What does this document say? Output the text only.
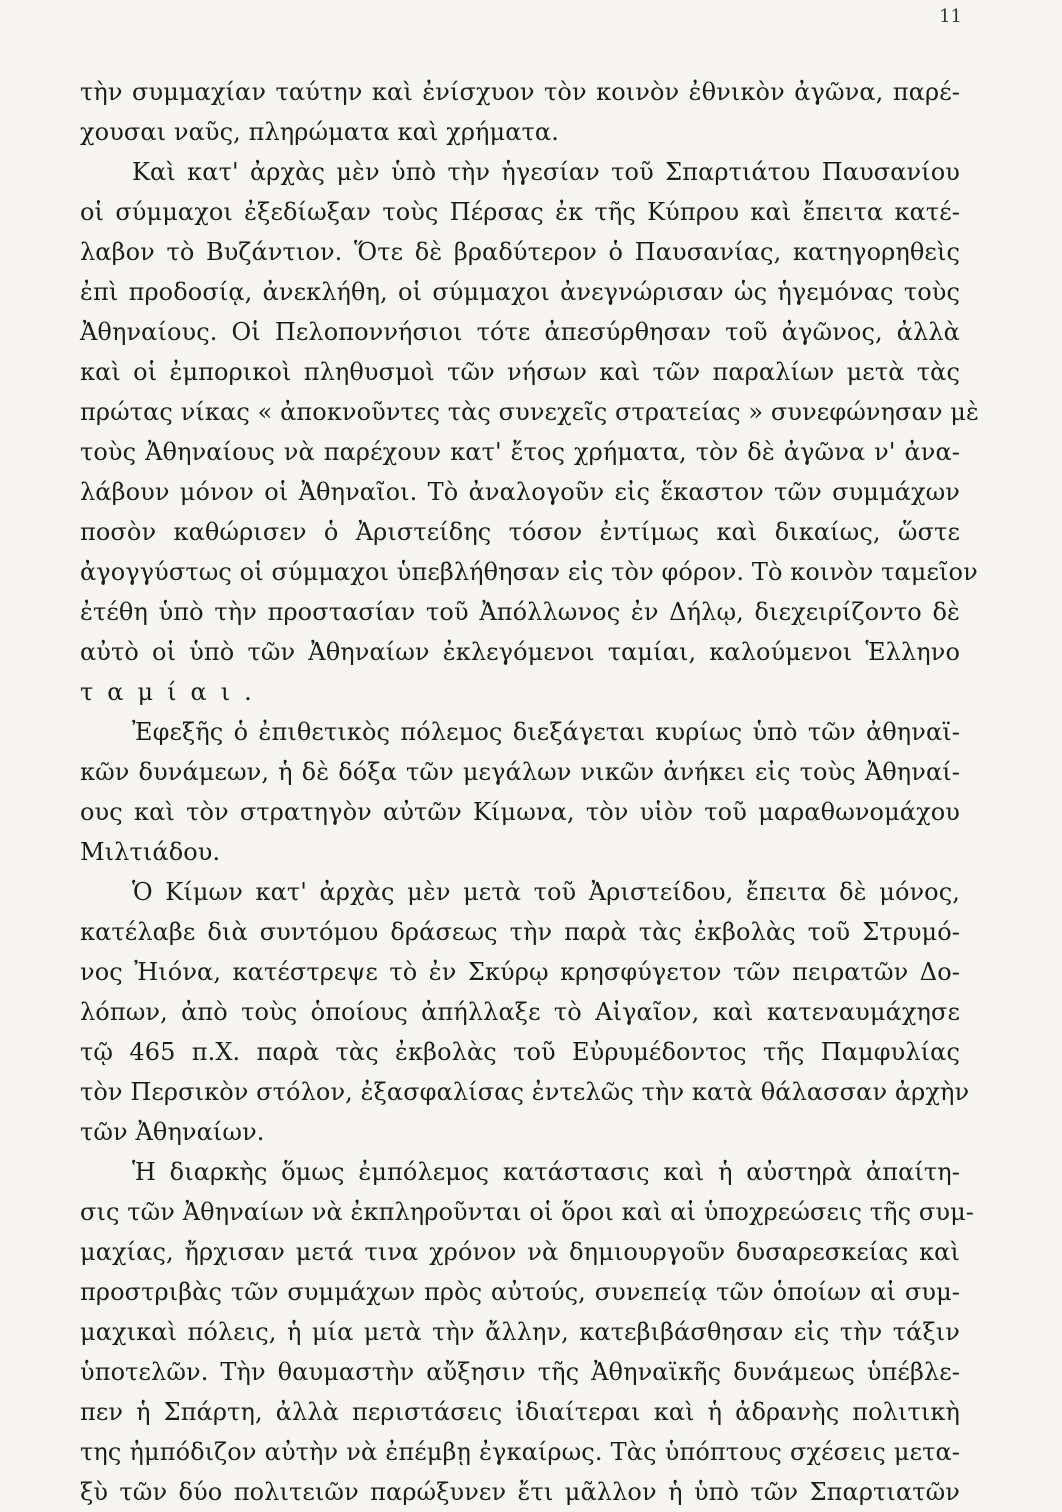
11
τὴν συμμαχίαν ταύτην καὶ ἐνίσχυον τὸν κοινὸν ἐθνικὸν ἀγῶνα, παρέ-
χουσαι ναῦς, πληρώματα καὶ χρήματα.
Καὶ κατ' ἀρχὰς μὲν ὑπὸ τὴν ἡγεσίαν τοῦ Σπαρτιάτου Παυσανίου
οἱ σύμμαχοι ἐξεδίωξαν τοὺς Πέρσας ἐκ τῆς Κύπρου καὶ ἔπειτα κατέ-
λαβον τὸ Βυζάντιον. Ὅτε δὲ βραδύτερον ὁ Παυσανίας, κατηγορηθεὶς
ἐπὶ προδοσίᾳ, ἀνεκλήθη, οἱ σύμμαχοι ἀνεγνώρισαν ὡς ἡγεμόνας τοὺς
Ἀθηναίους. Οἱ Πελοποννήσιοι τότε ἀπεσύρθησαν τοῦ ἀγῶνος, ἀλλὰ
καὶ οἱ ἐμπορικοὶ πληθυσμοὶ τῶν νήσων καὶ τῶν παραλίων μετὰ τὰς
πρώτας νίκας « ἀποκνοῦντες τὰς συνεχεῖς στρατείας » συνεφώνησαν μὲ
τοὺς Ἀθηναίους νὰ παρέχουν κατ' ἔτος χρήματα, τὸν δὲ ἀγῶνα ν' ἀνα-
λάβουν μόνον οἱ Ἀθηναῖοι. Τὸ ἀναλογοῦν εἰς ἕκαστον τῶν συμμάχων
ποσὸν καθώρισεν ὁ Ἀριστείδης τόσον ἐντίμως καὶ δικαίως, ὥστε
ἀγογγύστως οἱ σύμμαχοι ὑπεβλήθησαν εἰς τὸν φόρον. Τὸ κοινὸν ταμεῖον
ἐτέθη ὑπὸ τὴν προστασίαν τοῦ Ἀπόλλωνος ἐν Δήλῳ, διεχειρίζοντο δὲ
αὐτὸ οἱ ὑπὸ τῶν Ἀθηναίων ἐκλεγόμενοι ταμίαι, καλούμενοι Ἑλληνο
ταμίαι.
Ἐφεξῆς ὁ ἐπιθετικὸς πόλεμος διεξάγεται κυρίως ὑπὸ τῶν ἀθηναϊ-
κῶν δυνάμεων, ἡ δὲ δόξα τῶν μεγάλων νικῶν ἀνήκει εἰς τοὺς Ἀθηναί-
ους καὶ τὸν στρατηγὸν αὐτῶν Κίμωνα, τὸν υἱὸν τοῦ μαραθωνομάχου
Μιλτιάδου.
Ὁ Κίμων κατ' ἀρχὰς μὲν μετὰ τοῦ Ἀριστείδου, ἔπειτα δὲ μόνος,
κατέλαβε διὰ συντόμου δράσεως τὴν παρὰ τὰς ἐκβολὰς τοῦ Στρυμό-
νος Ἠιόνα, κατέστρεψε τὸ ἐν Σκύρῳ κρησφύγετον τῶν πειρατῶν Δο-
λόπων, ἀπὸ τοὺς ὁποίους ἀπήλλαξε τὸ Αἰγαῖον, καὶ κατεναυμάχησε
τῷ 465 π.Χ. παρὰ τὰς ἐκβολὰς τοῦ Εὐρυμέδοντος τῆς Παμφυλίας
τὸν Περσικὸν στόλον, ἐξασφαλίσας ἐντελῶς τὴν κατὰ θάλασσαν ἀρχὴν
τῶν Ἀθηναίων.
Ἡ διαρκὴς ὅμως ἐμπόλεμος κατάστασις καὶ ἡ αὐστηρὰ ἀπαίτη-
σις τῶν Ἀθηναίων νὰ ἐκπληροῦνται οἱ ὅροι καὶ αἱ ὑποχρεώσεις τῆς συμ-
μαχίας, ἤρχισαν μετά τινα χρόνον νὰ δημιουργοῦν δυσαρεσκείας καὶ
προστριβὰς τῶν συμμάχων πρὸς αὐτούς, συνεπείᾳ τῶν ὁποίων αἱ συμ-
μαχικαὶ πόλεις, ἡ μία μετὰ τὴν ἄλλην, κατεβιβάσθησαν εἰς τὴν τάξιν
ὑποτελῶν. Τὴν θαυμαστὴν αὔξησιν τῆς Ἀθηναϊκῆς δυνάμεως ὑπέβλε-
πεν ἡ Σπάρτη, ἀλλὰ περιστάσεις ἰδιαίτεραι καὶ ἡ ἀδρανὴς πολιτικὴ
της ἠμπόδιζον αὐτὴν νὰ ἐπέμβῃ ἐγκαίρως. Τὰς ὑπόπτους σχέσεις μετα-
ξὺ τῶν δύο πολιτειῶν παρώξυνεν ἔτι μᾶλλον ἡ ὑπὸ τῶν Σπαρτιατῶν
